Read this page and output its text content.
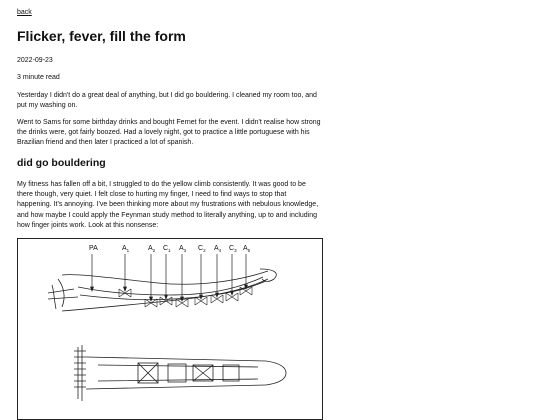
back
Flicker, fever, fill the form
2022-09-23
3 minute read

Yesterday I didn't do a great deal of anything, but I did go bouldering. I cleaned my room too, and put my washing on.

Went to Sams for some birthday drinks and bought Fernet for the event. I didn't realise how strong the drinks were, got fairly boozed. Had a lovely night, got to practice a little portuguese with his Brazilian friend and then later I practiced a lot of spanish.

did go bouldering

My fitness has fallen off a bit, I struggled to do the yellow climb consistently. It was good to be there though, very quiet. I felt close to hurting my finger, I need to find ways to stop that happening. It's annoying. I've been thinking more about my frustrations with nebulous knowledge, and how maybe I could apply the Feynman study method to literally anything, up to and including how finger joints work. Look at this nonsense:

PA	$A_1$	$A_2$ $C_1$ $A_3$ $C_2$ $A_4$ $C_3$ $A_5$
